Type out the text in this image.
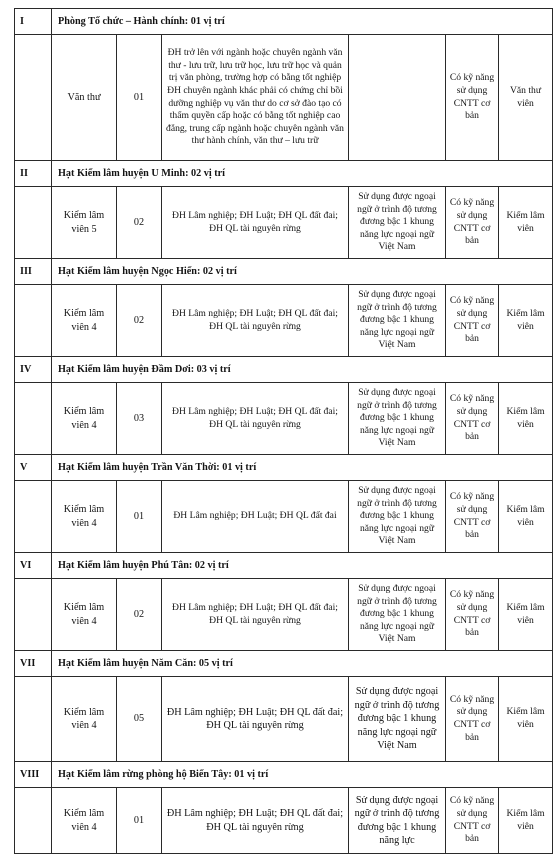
I	Phòng Tổ chức – Hành chính: 01 vị trí					
	Văn thư	01	ĐH trở lên với ngành hoặc chuyên ngành văn thư - lưu trữ, lưu trữ học, lưu trữ học và quản trị văn phòng, trường hợp có bằng tốt nghiệp ĐH chuyên ngành khác phải có chứng chỉ bồi dưỡng nghiệp vụ văn thư do cơ sở đào tạo có thẩm quyền cấp hoặc có bằng tốt nghiệp cao đẳng, trung cấp ngành hoặc chuyên ngành văn thư hành chính, văn thư – lưu trữ		Có kỹ năng sử dụng CNTT cơ bản	Văn thư viên
II	Hạt Kiểm lâm huyện U Minh: 02 vị trí					
	Kiểm lâm viên 5	02	ĐH Lâm nghiệp; ĐH Luật; ĐH QL đất đai; ĐH QL tài nguyên rừng	Sử dụng được ngoại ngữ ở trình độ tương đương bậc 1 khung năng lực ngoại ngữ Việt Nam	Có kỹ năng sử dụng CNTT cơ bản	Kiểm lâm viên
III	Hạt Kiểm lâm huyện Ngọc Hiển: 02 vị trí					
	Kiểm lâm viên 4	02	ĐH Lâm nghiệp; ĐH Luật; ĐH QL đất đai; ĐH QL tài nguyên rừng	Sử dụng được ngoại ngữ ở trình độ tương đương bậc 1 khung năng lực ngoại ngữ Việt Nam	Có kỹ năng sử dụng CNTT cơ bản	Kiểm lâm viên
IV	Hạt Kiểm lâm huyện Đầm Dơi: 03 vị trí					
	Kiểm lâm viên 4	03	ĐH Lâm nghiệp; ĐH Luật; ĐH QL đất đai; ĐH QL tài nguyên rừng	Sử dụng được ngoại ngữ ở trình độ tương đương bậc 1 khung năng lực ngoại ngữ Việt Nam	Có kỹ năng sử dụng CNTT cơ bản	Kiểm lâm viên
V	Hạt Kiểm lâm huyện Trần Văn Thời: 01 vị trí					
	Kiểm lâm viên 4	01	ĐH Lâm nghiệp; ĐH Luật; ĐH QL đất đai	Sử dụng được ngoại ngữ ở trình độ tương đương bậc 1 khung năng lực ngoại ngữ Việt Nam	Có kỹ năng sử dụng CNTT cơ bản	Kiểm lâm viên
VI	Hạt Kiểm lâm huyện Phú Tân: 02 vị trí					
	Kiểm lâm viên 4	02	ĐH Lâm nghiệp; ĐH Luật; ĐH QL đất đai; ĐH QL tài nguyên rừng	Sử dụng được ngoại ngữ ở trình độ tương đương bậc 1 khung năng lực ngoại ngữ Việt Nam	Có kỹ năng sử dụng CNTT cơ bản	Kiểm lâm viên
VII	Hạt Kiểm lâm huyện Năm Căn: 05 vị trí					
	Kiểm lâm viên 4	05	ĐH Lâm nghiệp; ĐH Luật; ĐH QL đất đai; ĐH QL tài nguyên rừng	Sử dụng được ngoại ngữ ở trình độ tương đương bậc 1 khung năng lực ngoại ngữ Việt Nam	Có kỹ năng sử dụng CNTT cơ bản	Kiểm lâm viên
VIII	Hạt Kiểm lâm rừng phòng hộ Biển Tây: 01 vị trí					
	Kiểm lâm viên 4	01	ĐH Lâm nghiệp; ĐH Luật; ĐH QL đất đai; ĐH QL tài nguyên rừng	Sử dụng được ngoại ngữ ở trình độ tương đương bậc 1 khung năng lực	Có kỹ năng sử dụng CNTT cơ bản	Kiểm lâm viên
